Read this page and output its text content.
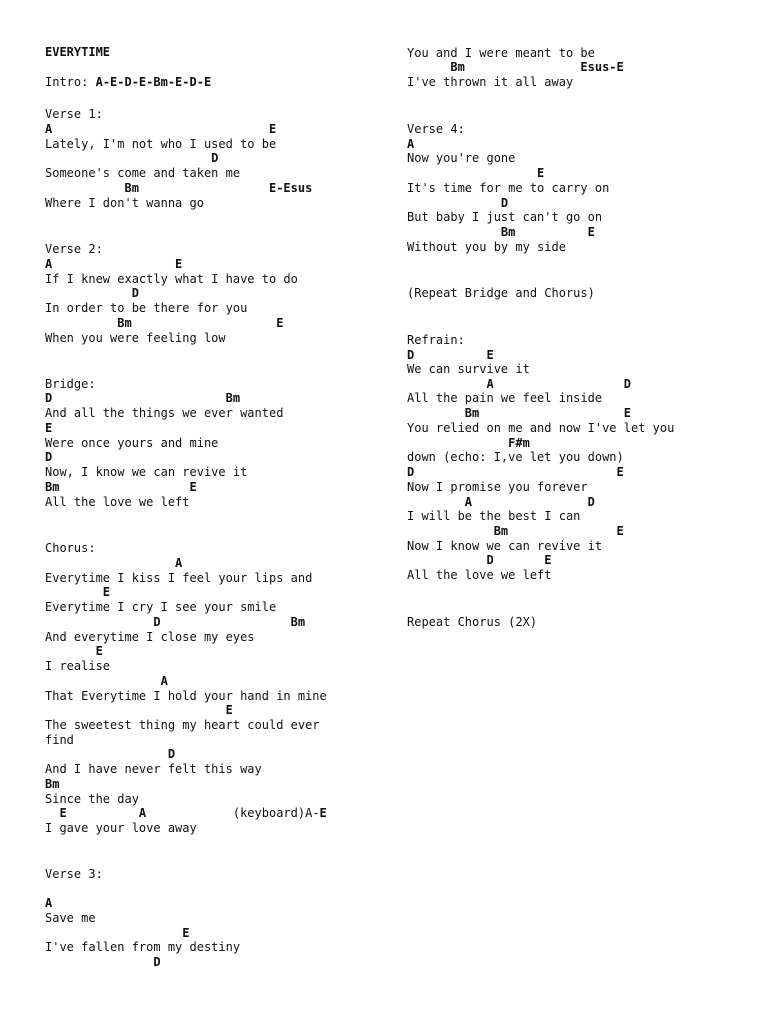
EVERYTIME
Intro: A-E-D-E-Bm-E-D-E
Verse 1:
A                              E
Lately, I'm not who I used to be
D
Someone's come and taken me
Bm                  E-Esus
Where I don't wanna go
Verse 2:
A                 E
If I knew exactly what I have to do
D
In order to be there for you
Bm                    E
When you were feeling low
Bridge:
D                        Bm
And all the things we ever wanted
E
Were once yours and mine
D
Now, I know we can revive it
Bm                  E
All the love we left
Chorus:
A
Everytime I kiss I feel your lips and
E
Everytime I cry I see your smile
D                  Bm
And everytime I close my eyes
E
I realise
A
That Everytime I hold your hand in mine
E
The sweetest thing my heart could ever
find
D
And I have never felt this way
Bm
Since the day
E          A            (keyboard)A-E
I gave your love away
Verse 3:
A
Save me
E
I've fallen from my destiny
D
You and I were meant to be
Bm                Esus-E
I've thrown it all away
Verse 4:
A
Now you're gone
E
It's time for me to carry on
D
But baby I just can't go on
Bm          E
Without you by my side
(Repeat Bridge and Chorus)
Refrain:
D          E
We can survive it
A                  D
All the pain we feel inside
Bm                    E
You relied on me and now I've let you
F#m
down (echo: I,ve let you down)
D                            E
Now I promise you forever
A                D
I will be the best I can
Bm               E
Now I know we can revive it
D       E
All the love we left
Repeat Chorus (2X)
